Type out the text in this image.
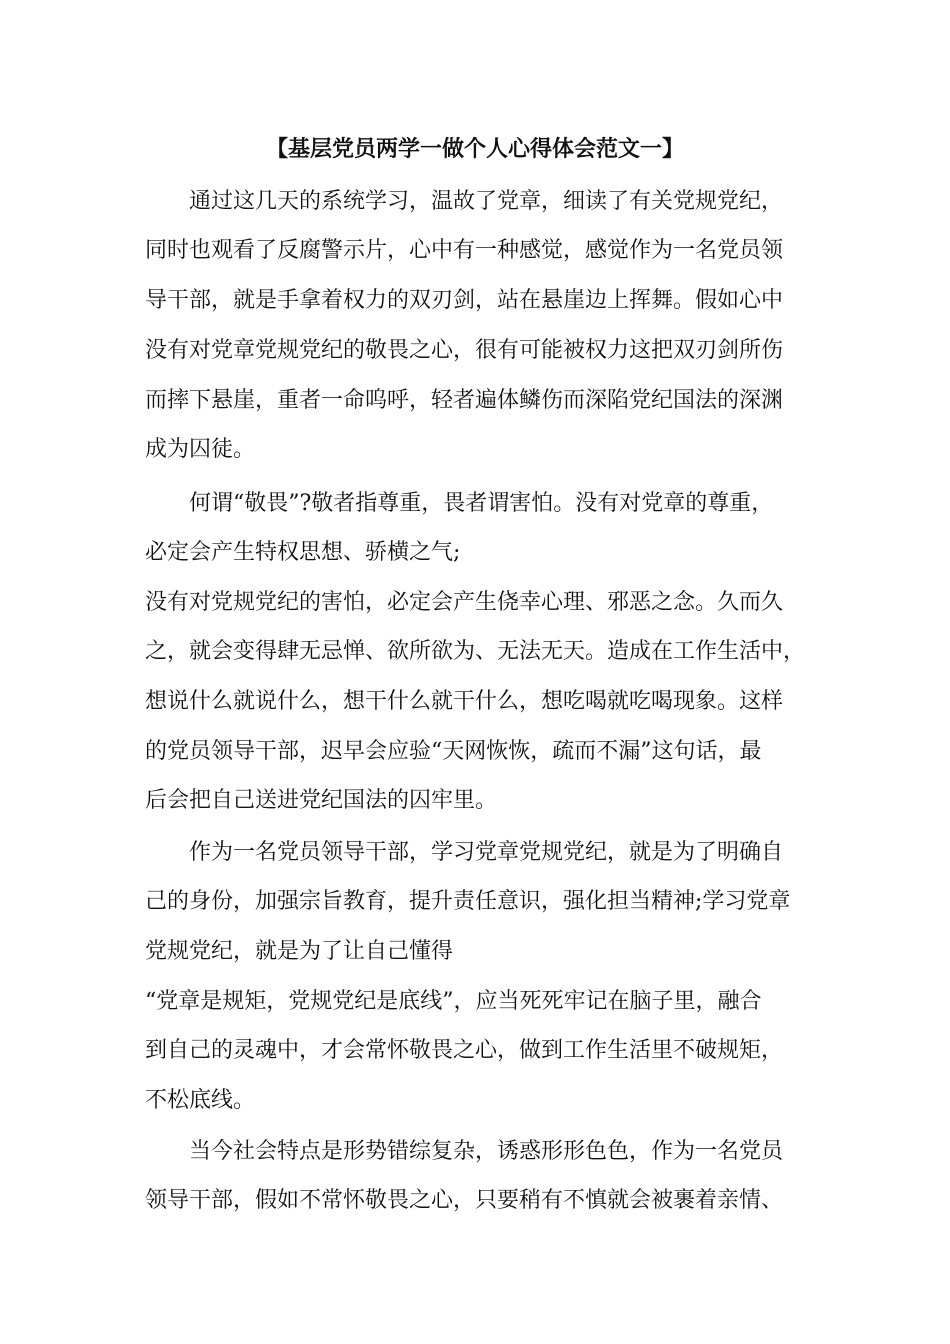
【基层党员两学一做个人心得体会范文一】
通过这几天的系统学习，温故了党章，细读了有关党规党纪，
同时也观看了反腐警示片，心中有一种感觉，感觉作为一名党员领
导干部，就是手拿着权力的双刃剑，站在悬崖边上挥舞。假如心中
没有对党章党规党纪的敬畏之心，很有可能被权力这把双刃剑所伤
而摔下悬崖，重者一命呜呼，轻者遍体鳞伤而深陷党纪国法的深渊
成为囚徒。
何谓“敬畏”?敬者指尊重，畏者谓害怕。没有对党章的尊重，
必定会产生特权思想、骄横之气;
没有对党规党纪的害怕，必定会产生侥幸心理、邪恶之念。久而久
之，就会变得肆无忌惮、欲所欲为、无法无天。造成在工作生活中，
想说什么就说什么，想干什么就干什么，想吃喝就吃喝现象。这样
的党员领导干部，迟早会应验“天网恢恢，疏而不漏”这句话，最
后会把自己送进党纪国法的囚牢里。
作为一名党员领导干部，学习党章党规党纪，就是为了明确自
己的身份，加强宗旨教育，提升责任意识，强化担当精神;学习党章
党规党纪，就是为了让自己懂得
“党章是规矩，党规党纪是底线”，应当死死牢记在脑子里，融合
到自己的灵魂中，才会常怀敬畏之心，做到工作生活里不破规矩，
不松底线。
当今社会特点是形势错综复杂，诱惑形形色色，作为一名党员
领导干部，假如不常怀敬畏之心，只要稍有不慎就会被裹着亲情、
